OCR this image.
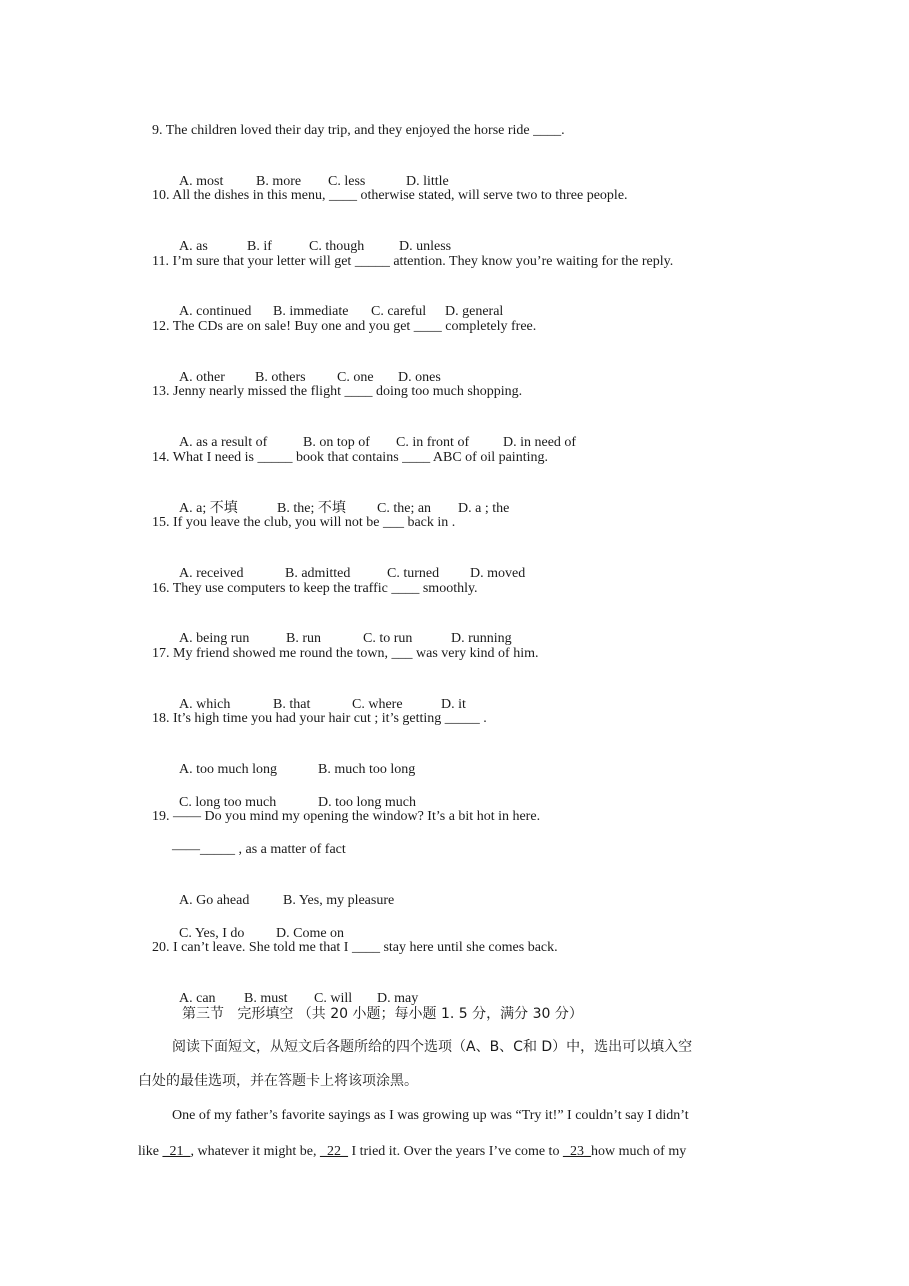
9. The children loved their day trip, and they enjoyed the horse ride ____.

A. most B. more C. less	D. little

10. All the dishes in this menu, ____ otherwise stated, will serve two to three people.

A. as	B. if	C. though D. unless

11. I’m sure that your letter will get _____ attention. They know you’re waiting for the reply.

A. continued B. immediate C. careful D. general

12. The CDs are on sale! Buy one and you get ____ completely free.

A. other B. others C. one D. ones

13. Jenny nearly missed the flight ____ doing too much shopping.

A. as a result of	B. on top of C. in front of D. in need of

14. What I need is _____ book that contains ____ ABC of oil painting.

A. a; 不填	B. the; 不填 C. the; an D. a ; the

15. If you leave the club, you will not be ___ back in .

A. received	B. admitted	C. turned D. moved

16. They use computers to keep the traffic ____ smoothly.

A. being run	B. run	C. to run	D. running

17. My friend showed me round the town, ___ was very kind of him.

A. which	B. that	C. where	D. it

18. It’s high time you had your hair cut ; it’s getting _____ .

A. too much long	B. much too long

C. long too much	D. too long much

19. —— Do you mind my opening the window? It’s a bit hot in here.
——_____ , as a matter of fact

A. Go ahead B. Yes, my pleasure

C. Yes, I do D. Come on

20. I can’t leave. She told me that I ____ stay here until she comes back.

A. can B. must C. will D. may

第三节   完形填空 （共 20 小题；每小题 1. 5 分，满分 30 分）
阅读下面短文，从短文后各题所给的四个选项（A、B、C和 D）中，选出可以填入空
白处的最佳选项，并在答题卡上将该项涂黑。
One of my father’s favorite sayings as I was growing up was “Try it!” I couldn’t say I didn’t
like _21_, whatever it might be, _22_ I tried it. Over the years I’ve come to _23_how much of my
